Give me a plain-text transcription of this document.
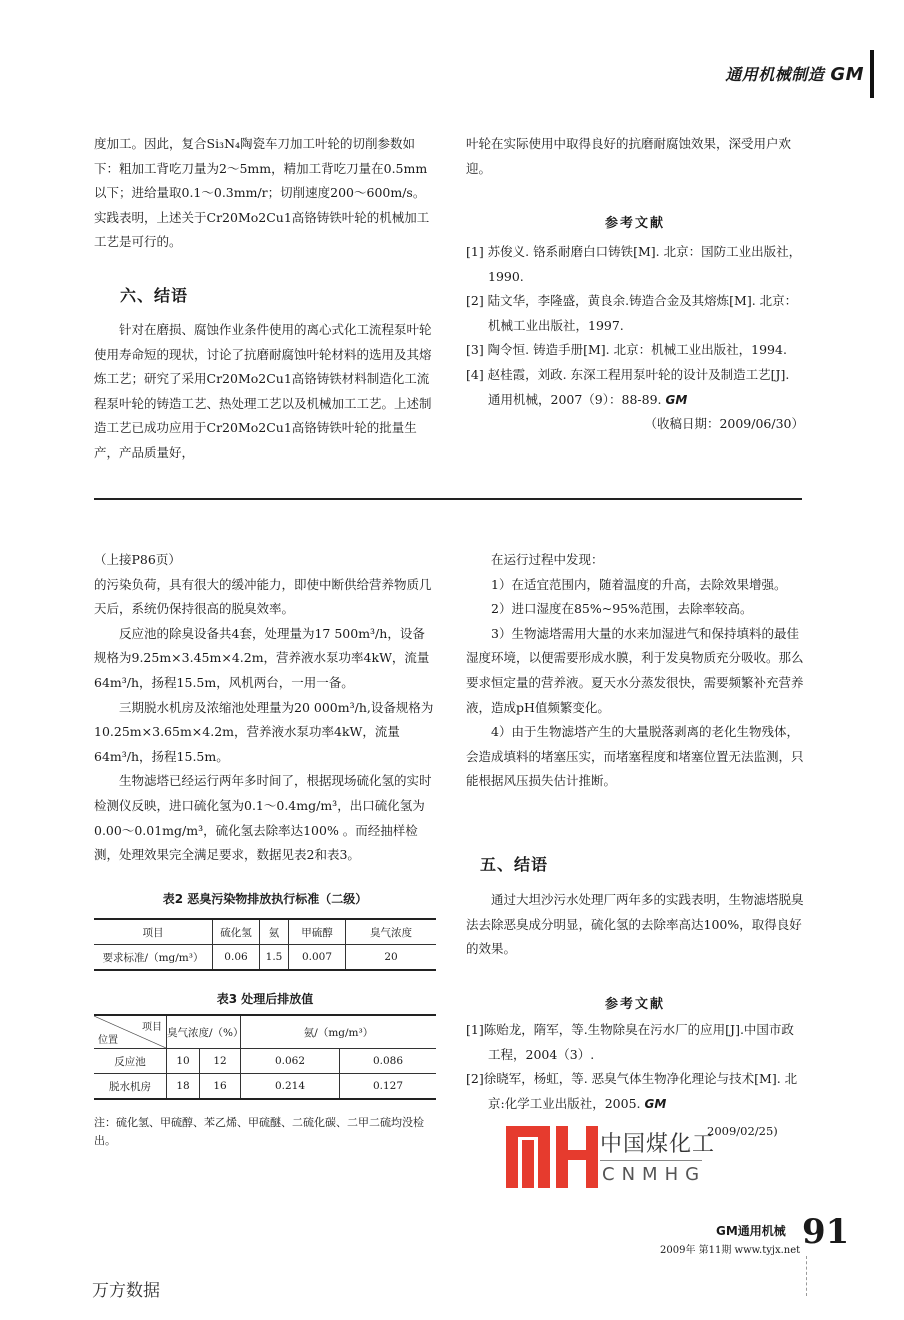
通用机械制造 GM

度加工。因此，复合Si₃N₄陶瓷车刀加工叶轮的切削参数如下：粗加工背吃刀量为2～5mm，精加工背吃刀量在0.5mm以下；进给量取0.1～0.3mm/r；切削速度200～600m/s。实践表明，上述关于Cr20Mo2Cu1高铬铸铁叶轮的机械加工工艺是可行的。

六、结语

针对在磨损、腐蚀作业条件使用的离心式化工流程泵叶轮使用寿命短的现状，讨论了抗磨耐腐蚀叶轮材料的选用及其熔炼工艺；研究了采用Cr20Mo2Cu1高铬铸铁材料制造化工流程泵叶轮的铸造工艺、热处理工艺以及机械加工工艺。上述制造工艺已成功应用于Cr20Mo2Cu1高铬铸铁叶轮的批量生产，产品质量好，

叶轮在实际使用中取得良好的抗磨耐腐蚀效果，深受用户欢迎。

参考文献

[1] 苏俊义. 铬系耐磨白口铸铁[M]. 北京：国防工业出版社，1990.

[2] 陆文华，李隆盛，黄良余.铸造合金及其熔炼[M]. 北京：机械工业出版社，1997.

[3] 陶令恒. 铸造手册[M]. 北京：机械工业出版社，1994.

[4] 赵桂霞，刘政. 东深工程用泵叶轮的设计及制造工艺[J]. 通用机械，2007（9）：88-89. GM

（收稿日期：2009/06/30）
（上接P86页）

的污染负荷，具有很大的缓冲能力，即使中断供给营养物质几天后，系统仍保持很高的脱臭效率。

反应池的除臭设备共4套，处理量为17 500m³/h，设备规格为9.25m×3.45m×4.2m，营养液水泵功率4kW，流量64m³/h，扬程15.5m，风机两台，一用一备。

三期脱水机房及浓缩池处理量为20 000m³/h,设备规格为10.25m×3.65m×4.2m，营养液水泵功率4kW，流量64m³/h，扬程15.5m。

生物滤塔已经运行两年多时间了，根据现场硫化氢的实时检测仪反映，进口硫化氢为0.1～0.4mg/m³，出口硫化氢为0.00～0.01mg/m³，硫化氢去除率达100% 。而经抽样检测，处理效果完全满足要求，数据见表2和表3。

表2 恶臭污染物排放执行标准（二级）
项目	硫化氢	氨	甲硫醇	臭气浓度
要求标准/（mg/m³）	0.06	1.5	0.007	20
表3 处理后排放值
项目
位置	臭气浓度/（%）		氨/（mg/m³）	
反应池	10	12	0.062	0.086
脱水机房	18	16	0.214	0.127
注：硫化氢、甲硫醇、苯乙烯、甲硫醚、二硫化碳、二甲二硫均没检出。

在运行过程中发现：

1）在适宜范围内，随着温度的升高，去除效果增强。

2）进口湿度在85%~95%范围，去除率较高。

3）生物滤塔需用大量的水来加湿进气和保持填料的最佳湿度环境，以便需要形成水膜，利于发臭物质充分吸收。那么要求恒定量的营养液。夏天水分蒸发很快，需要频繁补充营养液，造成pH值频繁变化。

4）由于生物滤塔产生的大量脱落剥离的老化生物残体，会造成填料的堵塞压实，而堵塞程度和堵塞位置无法监测，只能根据风压损失估计推断。

五、结语

通过大坦沙污水处理厂两年多的实践表明，生物滤塔脱臭法去除恶臭成分明显，硫化氢的去除率高达100%，取得良好的效果。

参考文献

[1]陈贻龙，隋军，等.生物除臭在污水厂的应用[J].中国市政工程，2004（3）.

[2]徐晓军，杨虹，等. 恶臭气体生物净化理论与技术[M]. 北京:化学工业出版社，2005. GM

2009/02/25)
中国煤化工
CNMHG
GM通用机械
2009年 第11期 www.tyjx.net 91
万方数据
